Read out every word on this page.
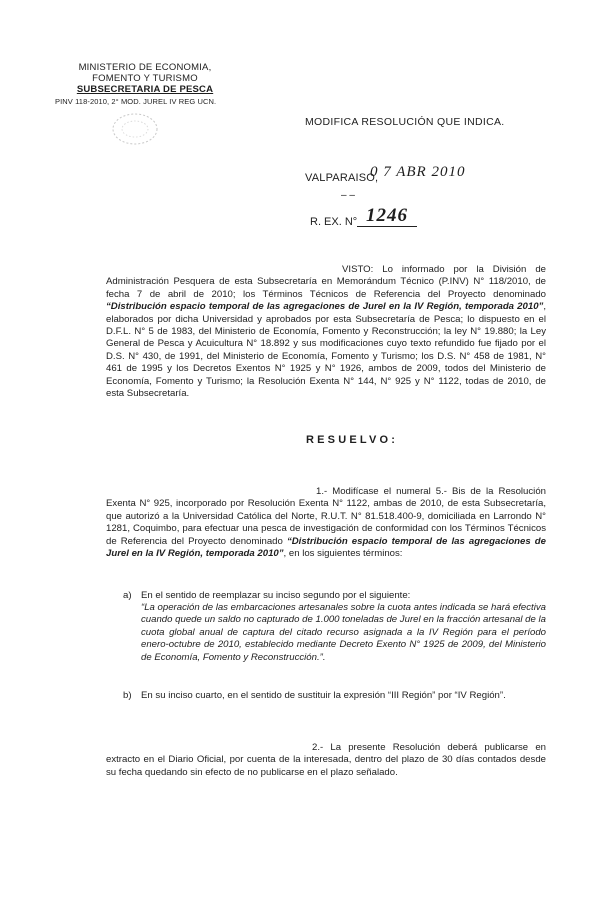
MINISTERIO DE ECONOMIA,
FOMENTO Y TURISMO
SUBSECRETARIA DE PESCA
PINV 118-2010, 2° MOD. JUREL IV REG UCN.
MODIFICA RESOLUCIÓN QUE INDICA.
VALPARAISO,
0 7 ABR 2010
– –
R. EX. N° 1246
VISTO: Lo informado por la División de Administración Pesquera de esta Subsecretaría en Memorándum Técnico (P.INV) N° 118/2010, de fecha 7 de abril de 2010; los Términos Técnicos de Referencia del Proyecto denominado “Distribución espacio temporal de las agregaciones de Jurel en la IV Región, temporada 2010”, elaborados por dicha Universidad y aprobados por esta Subsecretaría de Pesca; lo dispuesto en el D.F.L. N° 5 de 1983, del Ministerio de Economía, Fomento y Reconstrucción; la ley N° 19.880; la Ley General de Pesca y Acuicultura N° 18.892 y sus modificaciones cuyo texto refundido fue fijado por el D.S. N° 430, de 1991, del Ministerio de Economía, Fomento y Turismo; los D.S. N° 458 de 1981, N° 461 de 1995 y los Decretos Exentos N° 1925 y N° 1926, ambos de 2009, todos del Ministerio de Economía, Fomento y Turismo; la Resolución Exenta N° 144, N° 925 y N° 1122, todas de 2010, de esta Subsecretaría.
RESUELVO:
1.- Modifícase el numeral 5.- Bis de la Resolución Exenta N° 925, incorporado por Resolución Exenta N° 1122, ambas de 2010, de esta Subsecretaría, que autorizó a la Universidad Católica del Norte, R.U.T. N° 81.518.400-9, domiciliada en Larrondo N° 1281, Coquimbo, para efectuar una pesca de investigación de conformidad con los Términos Técnicos de Referencia del Proyecto denominado “Distribución espacio temporal de las agregaciones de Jurel en la IV Región, temporada 2010”, en los siguientes términos:
a) En el sentido de reemplazar su inciso segundo por el siguiente:
“La operación de las embarcaciones artesanales sobre la cuota antes indicada se hará efectiva cuando quede un saldo no capturado de 1.000 toneladas de Jurel en la fracción artesanal de la cuota global anual de captura del citado recurso asignada a la IV Región para el período enero-octubre de 2010, establecido mediante Decreto Exento N° 1925 de 2009, del Ministerio de Economía, Fomento y Reconstrucción.”.
b) En su inciso cuarto, en el sentido de sustituir la expresión “III Región” por “IV Región”.
2.- La presente Resolución deberá publicarse en extracto en el Diario Oficial, por cuenta de la interesada, dentro del plazo de 30 días contados desde su fecha quedando sin efecto de no publicarse en el plazo señalado.
